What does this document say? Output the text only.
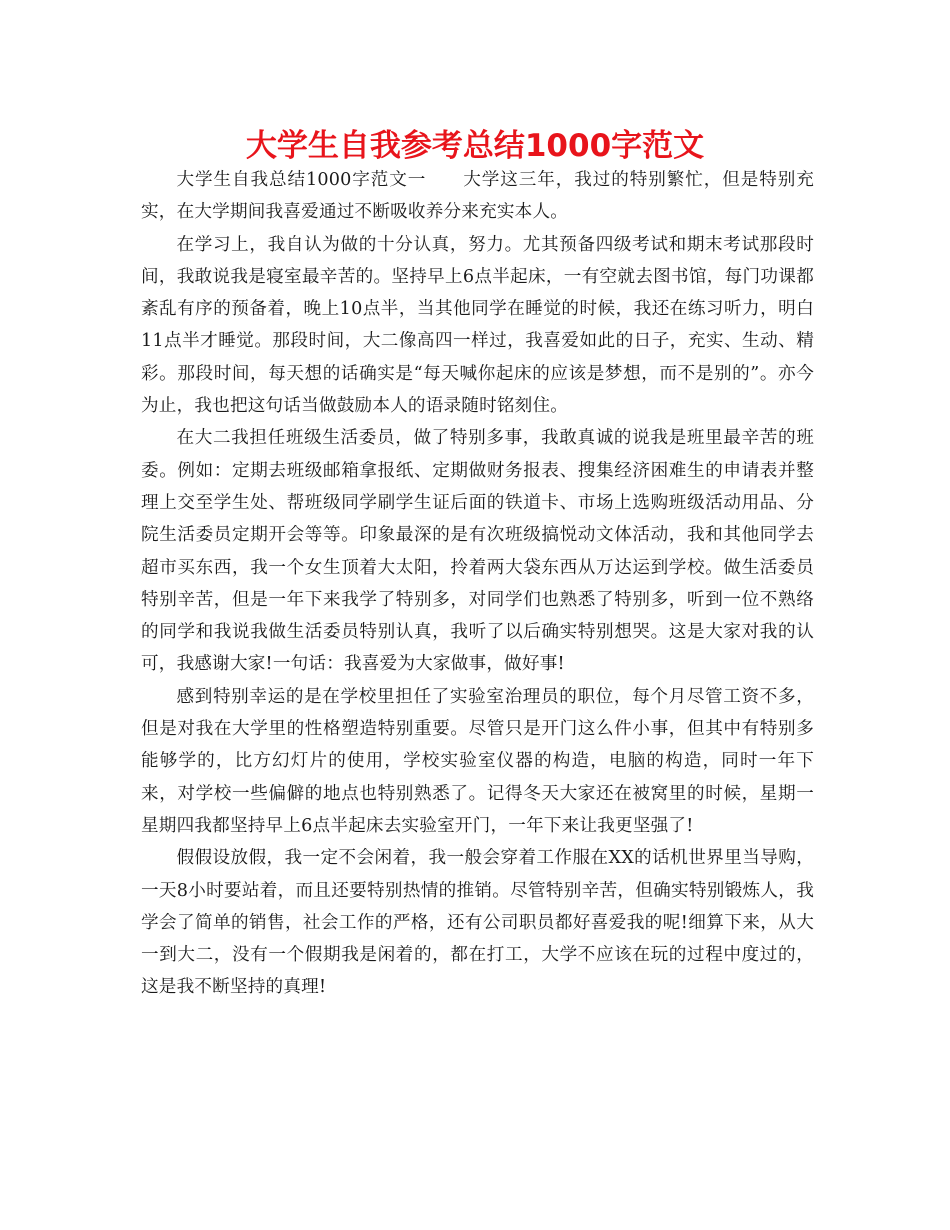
大学生自我参考总结1000字范文

大学生自我总结1000字范文一　　大学这三年，我过的特别繁忙，但是特别充实，在大学期间我喜爱通过不断吸收养分来充实本人。

在学习上，我自认为做的十分认真，努力。尤其预备四级考试和期末考试那段时间，我敢说我是寝室最辛苦的。坚持早上6点半起床，一有空就去图书馆，每门功课都紊乱有序的预备着，晚上10点半，当其他同学在睡觉的时候，我还在练习听力，明白11点半才睡觉。那段时间，大二像高四一样过，我喜爱如此的日子，充实、生动、精彩。那段时间，每天想的话确实是“每天喊你起床的应该是梦想，而不是别的”。亦今为止，我也把这句话当做鼓励本人的语录随时铭刻住。

在大二我担任班级生活委员，做了特别多事，我敢真诚的说我是班里最辛苦的班委。例如：定期去班级邮箱拿报纸、定期做财务报表、搜集经济困难生的申请表并整理上交至学生处、帮班级同学刷学生证后面的铁道卡、市场上选购班级活动用品、分院生活委员定期开会等等。印象最深的是有次班级搞悦动文体活动，我和其他同学去超市买东西，我一个女生顶着大太阳，拎着两大袋东西从万达运到学校。做生活委员特别辛苦，但是一年下来我学了特别多，对同学们也熟悉了特别多，听到一位不熟络的同学和我说我做生活委员特别认真，我听了以后确实特别想哭。这是大家对我的认可，我感谢大家!一句话：我喜爱为大家做事，做好事!

感到特别幸运的是在学校里担任了实验室治理员的职位，每个月尽管工资不多，但是对我在大学里的性格塑造特别重要。尽管只是开门这么件小事，但其中有特别多能够学的，比方幻灯片的使用，学校实验室仪器的构造，电脑的构造，同时一年下来，对学校一些偏僻的地点也特别熟悉了。记得冬天大家还在被窝里的时候，星期一星期四我都坚持早上6点半起床去实验室开门，一年下来让我更坚强了!

假假设放假，我一定不会闲着，我一般会穿着工作服在XX的话机世界里当导购，一天8小时要站着，而且还要特别热情的推销。尽管特别辛苦，但确实特别锻炼人，我学会了简单的销售，社会工作的严格，还有公司职员都好喜爱我的呢!细算下来，从大一到大二，没有一个假期我是闲着的，都在打工，大学不应该在玩的过程中度过的，这是我不断坚持的真理!
